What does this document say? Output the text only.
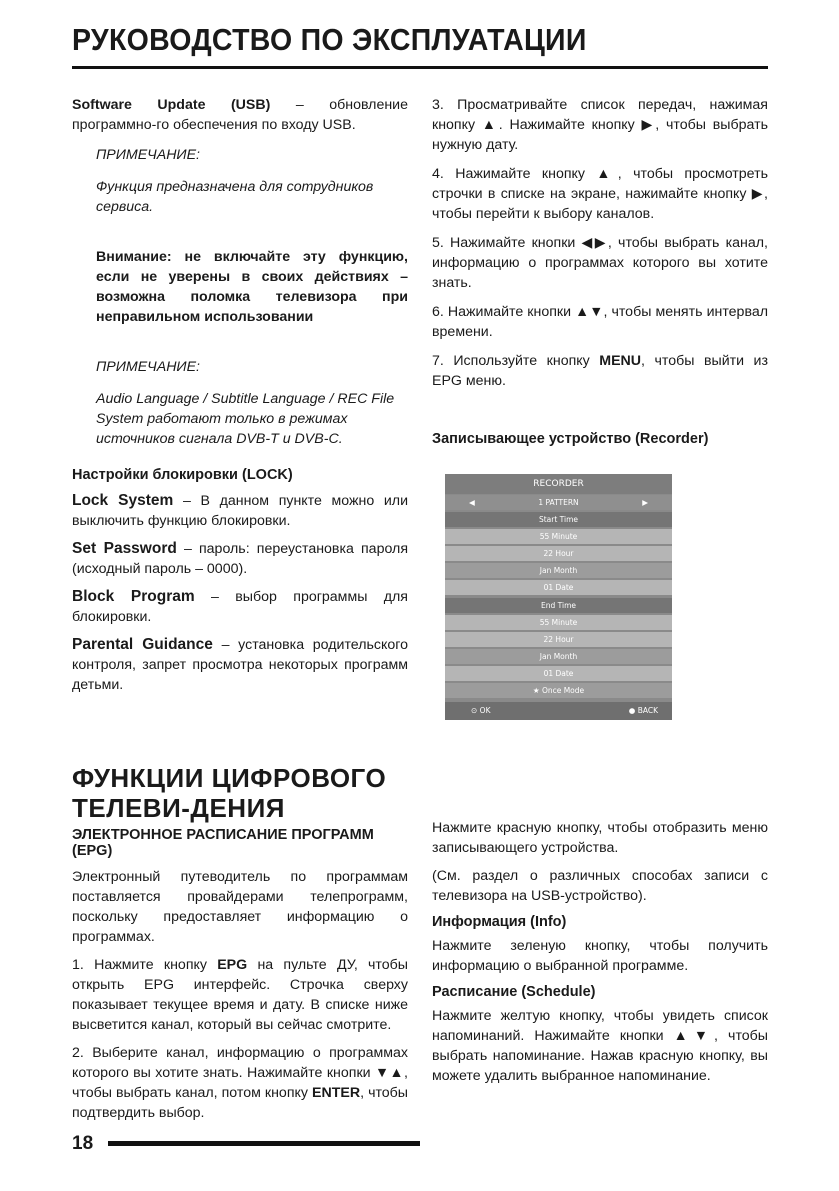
РУКОВОДСТВО ПО ЭКСПЛУАТАЦИИ

Software Update (USB) – обновление программно-го обеспечения по входу USB.

ПРИМЕЧАНИЕ:

Функция предназначена для сотрудников сервиса.

Внимание: не включайте эту функцию, если не уверены в своих действиях – возможна поломка телевизора при неправильном использовании

ПРИМЕЧАНИЕ:

Audio Language / Subtitle Language / REC File System работают только в режимах источников сигнала DVB-T и DVB-C.

Настройки блокировки (LOCK)

Lock System – В данном пункте можно или выключить функцию блокировки.

Set Password – пароль: переустановка пароля (исходный пароль – 0000).

Block Program – выбор программы для блокировки.

Parental Guidance – установка родительского контроля, запрет просмотра некоторых программ детьми.

3. Просматривайте список передач, нажимая кнопку ▲. Нажимайте кнопку ▶, чтобы выбрать нужную дату.

4. Нажимайте кнопку ▲, чтобы просмотреть строчки в списке на экране, нажимайте кнопку ▶, чтобы перейти к выбору каналов.

5. Нажимайте кнопки ◀▶, чтобы выбрать канал, информацию о программах которого вы хотите знать.

6. Нажимайте кнопки ▲▼, чтобы менять интервал времени.

7. Используйте кнопку MENU, чтобы выйти из EPG меню.

Записывающее устройство (Recorder)

RECORDER
◀	1 PATTERN	▶
Start Time
55 Minute
22 Hour
Jan Month
01 Date
End Time
55 Minute
22 Hour
Jan Month
01 Date
★ Once Mode
⊙ OK	● BACK

ФУНКЦИИ ЦИФРОВОГО ТЕЛЕВИ-ДЕНИЯ

ЭЛЕКТРОННОЕ РАСПИСАНИЕ ПРОГРАММ (EPG)

Электронный путеводитель по программам поставляется провайдерами телепрограмм, поскольку предоставляет информацию о программах.

1. Нажмите кнопку EPG на пульте ДУ, чтобы открыть EPG интерфейс. Строчка сверху показывает текущее время и дату. В списке ниже высветится канал, который вы сейчас смотрите.

2. Выберите канал, информацию о программах которого вы хотите знать. Нажимайте кнопки ▼▲, чтобы выбрать канал, потом кнопку ENTER, чтобы подтвердить выбор.

Нажмите красную кнопку, чтобы отобразить меню записывающего устройства.

(См. раздел о различных способах записи с телевизора на USB-устройство).

Информация (Info)

Нажмите зеленую кнопку, чтобы получить информацию о выбранной программе.

Расписание (Schedule)

Нажмите желтую кнопку, чтобы увидеть список напоминаний. Нажимайте кнопки ▲▼, чтобы выбрать напоминание. Нажав красную кнопку, вы можете удалить выбранное напоминание.

18
